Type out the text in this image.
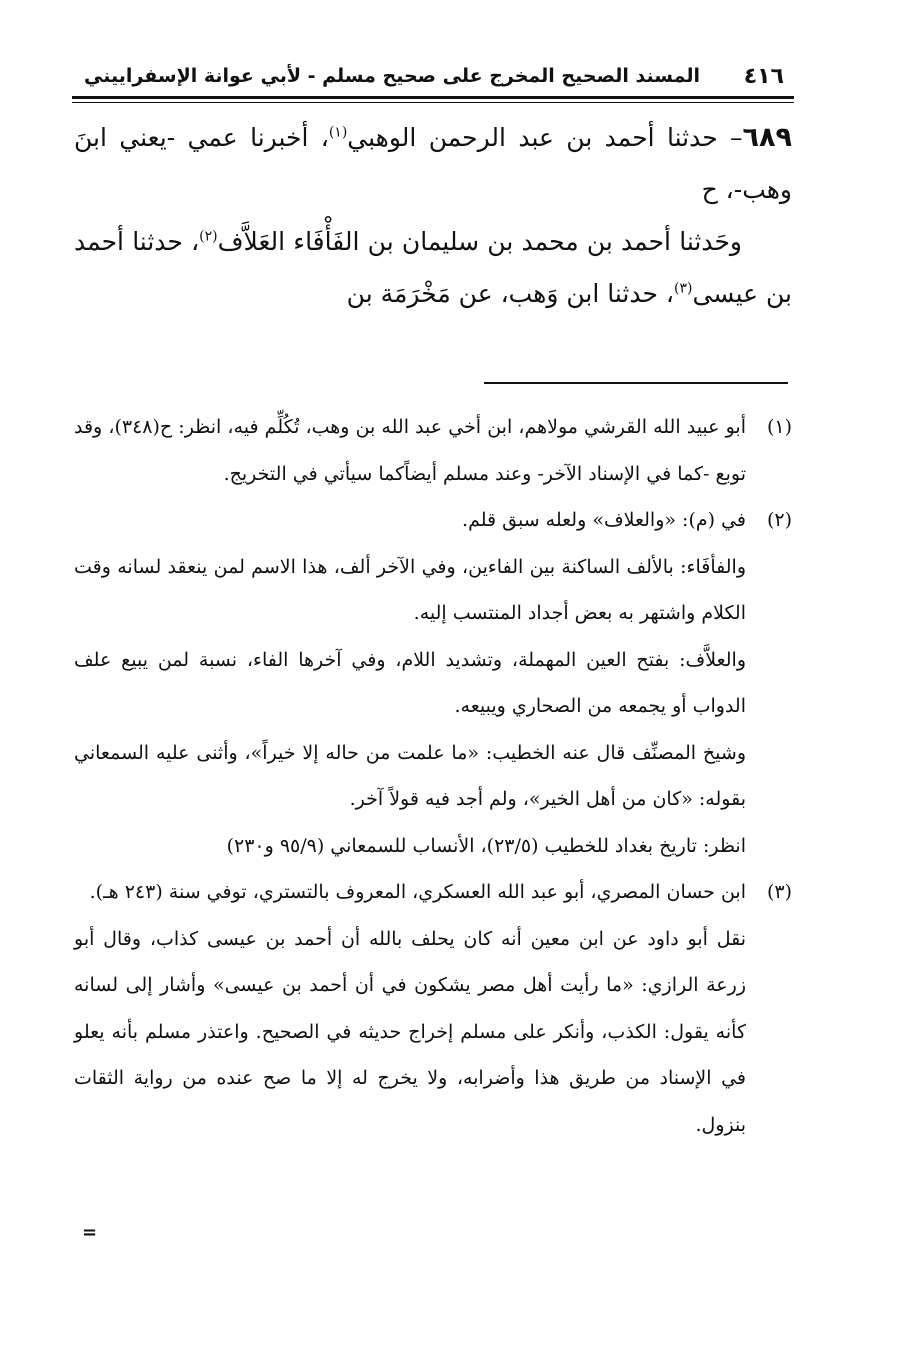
٤١٦
المسند الصحيح المخرج على صحيح مسلم - لأبي عوانة الإسفراييني

٦٨٩– حدثنا أحمد بن عبد الرحمن الوهبي$^{(١)}$، أخبرنا عمي -يعني ابنَ وهب-، ح

وحَدثنا أحمد بن محمد بن سليمان بن الفَأْفَاء العَلاَّف$^{(٢)}$، حدثنا أحمد بن عيسى$^{(٣)}$، حدثنا ابن وَهب، عن مَخْرَمَة بن

(١)

أبو عبيد الله القرشي مولاهم، ابن أخي عبد الله بن وهب، تُكُلِّم فيه، انظر: ح(٣٤٨)، وقد توبع -كما في الإسناد الآخر- وعند مسلم أيضاًكما سيأتي في التخريج.

(٢)

في (م): «والعلاف» ولعله سبق قلم.

والفأفَاء: بالألف الساكنة بين الفاءين، وفي الآخر ألف، هذا الاسم لمن ينعقد لسانه وقت الكلام واشتهر به بعض أجداد المنتسب إليه.

والعلاَّف: بفتح العين المهملة، وتشديد اللام، وفي آخرها الفاء، نسبة لمن يبيع علف الدواب أو يجمعه من الصحاري ويبيعه.

وشيخ المصنِّف قال عنه الخطيب: «ما علمت من حاله إلا خيراً»، وأثنى عليه السمعاني بقوله: «كان من أهل الخير»، ولم أجد فيه قولاً آخر.

انظر: تاريخ بغداد للخطيب (٢٣/٥)، الأنساب للسمعاني (٩٥/٩ و٢٣٠)

(٣)

ابن حسان المصري، أبو عبد الله العسكري، المعروف بالتستري، توفي سنة (٢٤٣ هـ).

نقل أبو داود عن ابن معين أنه كان يحلف بالله أن أحمد بن عيسى كذاب، وقال أبو زرعة الرازي: «ما رأيت أهل مصر يشكون في أن أحمد بن عيسى» وأشار إلى لسانه كأنه يقول: الكذب، وأنكر على مسلم إخراج حديثه في الصحيح. واعتذر مسلم بأنه يعلو في الإسناد من طريق هذا وأضرابه، ولا يخرج له إلا ما صح عنده من رواية الثقات بنزول.

=
